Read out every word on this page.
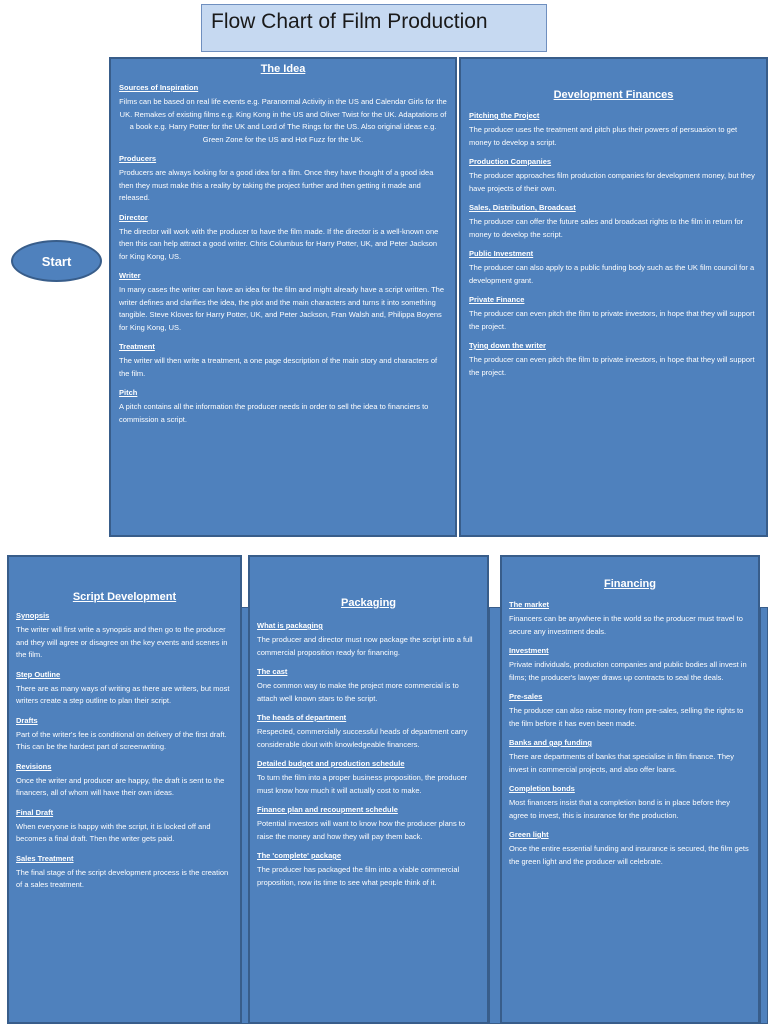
Flow Chart of Film Production
Start
The Idea
Sources of Inspiration
Films can be based on real life events e.g. Paranormal Activity in the US and Calendar Girls for the UK. Remakes of existing films e.g. King Kong in the US and Oliver Twist for the UK. Adaptations of a book e.g. Harry Potter for the UK and Lord of The Rings for the US. Also original ideas e.g. Green Zone for the US and Hot Fuzz for the UK.
Producers
Producers are always looking for a good idea for a film. Once they have thought of a good idea then they must make this a reality by taking the project further and then getting it made and released.
Director
The director will work with the producer to have the film made. If the director is a well-known one then this can help attract a good writer. Chris Columbus for Harry Potter, UK, and Peter Jackson for King Kong, US.
Writer
In many cases the writer can have an idea for the film and might already have a script written. The writer defines and clarifies the idea, the plot and the main characters and turns it into something tangible. Steve Kloves for Harry Potter, UK, and Peter Jackson, Fran Walsh and, Philippa Boyens for King Kong, US.
Treatment
The writer will then write a treatment, a one page description of the main story and characters of the film.
Pitch
A pitch contains all the information the producer needs in order to sell the idea to financiers to commission a script.
Development Finances
Pitching the Project
The producer uses the treatment and pitch plus their powers of persuasion to get money to develop a script.
Production Companies
The producer approaches film production companies for development money, but they have projects of their own.
Sales, Distribution, Broadcast
The producer can offer the future sales and broadcast rights to the film in return for money to develop the script.
Public Investment
The producer can also apply to a public funding body such as the UK film council for a development grant.
Private Finance
The producer can even pitch the film to private investors, in hope that they will support the project.
Tying down the writer
The producer can even pitch the film to private investors, in hope that they will support the project.
Script Development
Synopsis
The writer will first write a synopsis and then go to the producer and they will agree or disagree on the key events and scenes in the film.
Step Outline
There are as many ways of writing as there are writers, but most writers create a step outline to plan their script.
Drafts
Part of the writer's fee is conditional on delivery of the first draft. This can be the hardest part of screenwriting.
Revisions
Once the writer and producer are happy, the draft is sent to the financers, all of whom will have their own ideas.
Final Draft
When everyone is happy with the script, it is locked off and becomes a final draft. Then the writer gets paid.
Sales Treatment
The final stage of the script development process is the creation of a sales treatment.
Packaging
What is packaging
The producer and director must now package the script into a full commercial proposition ready for financing.
The cast
One common way to make the project more commercial is to attach well known stars to the script.
The heads of department
Respected, commercially successful heads of department carry considerable clout with knowledgeable financers.
Detailed budget and production schedule
To turn the film into a proper business proposition, the producer must know how much it will actually cost to make.
Finance plan and recoupment schedule
Potential investors will want to know how the producer plans to raise the money and how they will pay them back.
The 'complete' package
The producer has packaged the film into a viable commercial proposition, now its time to see what people think of it.
Financing
The market
Financers can be anywhere in the world so the producer must travel to secure any investment deals.
Investment
Private individuals, production companies and public bodies all invest in films; the producer's lawyer draws up contracts to seal the deals.
Pre-sales
The producer can also raise money from pre-sales, selling the rights to the film before it has even been made.
Banks and gap funding
There are departments of banks that specialise in film finance. They invest in commercial projects, and also offer loans.
Completion bonds
Most financers insist that a completion bond is in place before they agree to invest, this is insurance for the production.
Green light
Once the entire essential funding and insurance is secured, the film gets the green light and the producer will celebrate.
